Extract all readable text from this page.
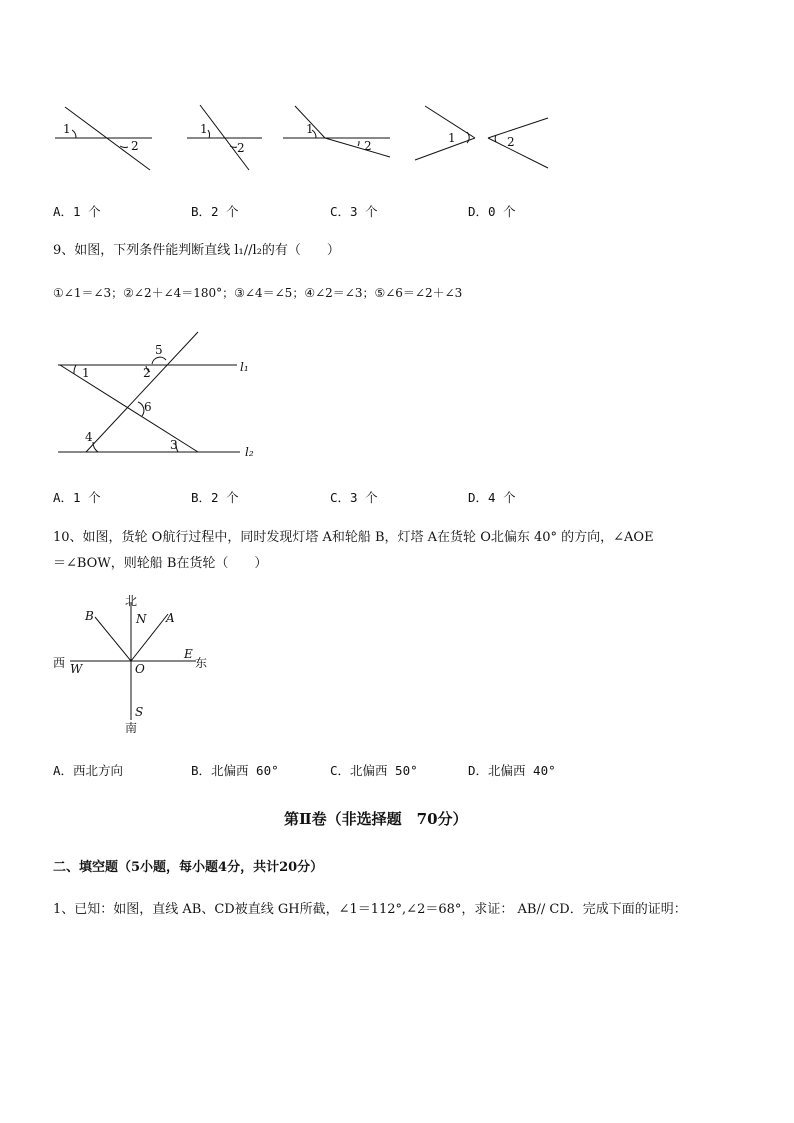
1
2
1
2
1
2
1	2
A．1 个	B．2 个	C．3 个	D．0 个
9、如图，下列条件能判断直线 l₁//l₂的有（　　）
①∠1＝∠3；②∠2＋∠4＝180°；③∠4＝∠5；④∠2＝∠3；⑤∠6＝∠2＋∠3
1	2
3
4
5
6
l₁
l₂
A．1 个	B．2 个	C．3 个	D．4 个
10、如图，货轮 O航行过程中，同时发现灯塔 A和轮船 B，灯塔 A在货轮 O北偏东 40° 的方向，∠AOE
＝∠BOW，则轮船 B在货轮（　　）
北
N A
B
西 W	O
E
东
S
南
A．西北方向	B．北偏西 60°	C．北偏西 50°	D．北偏西 40°
第Ⅱ卷（非选择题　70分）
二、填空题（5小题，每小题4分，共计20分）
1、已知：如图，直线 AB、CD被直线 GH所截，∠1＝112°,∠2＝68°，求证： AB// CD．完成下面的证明：
